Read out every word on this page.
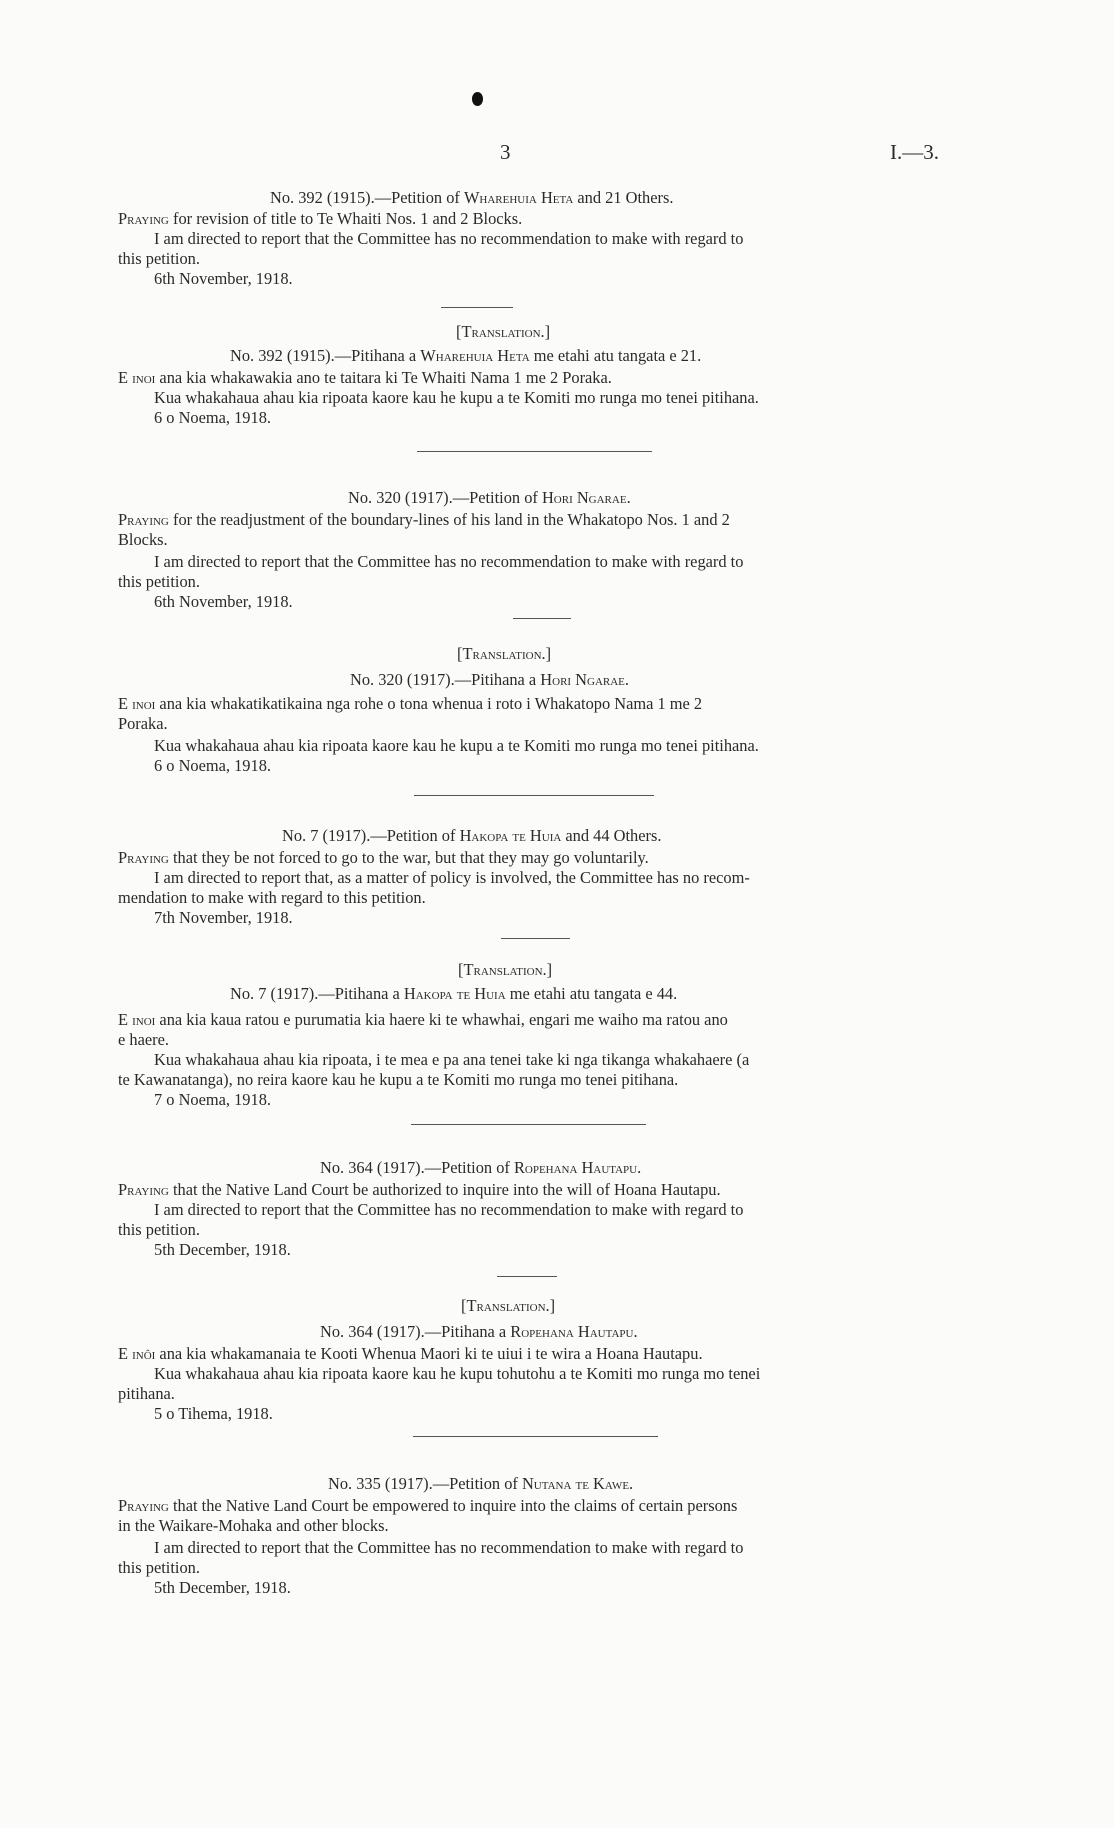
3	I.—3.
No. 392 (1915).—Petition of Wharehuia Heta and 21 Others.
Praying for revision of title to Te Whaiti Nos. 1 and 2 Blocks.
I am directed to report that the Committee has no recommendation to make with regard to
this petition.
6th November, 1918.
[Translation.]
No. 392 (1915).—Pitihana a Wharehuia Heta me etahi atu tangata e 21.
E inoi ana kia whakawakia ano te taitara ki Te Whaiti Nama 1 me 2 Poraka.
Kua whakahaua ahau kia ripoata kaore kau he kupu a te Komiti mo runga mo tenei pitihana.
6 o Noema, 1918.
No. 320 (1917).—Petition of Hori Ngarae.
Praying for the readjustment of the boundary-lines of his land in the Whakatopo Nos. 1 and 2
Blocks.
I am directed to report that the Committee has no recommendation to make with regard to
this petition.
6th November, 1918.
[Translation.]
No. 320 (1917).—Pitihana a Hori Ngarae.
E inoi ana kia whakatikatikaina nga rohe o tona whenua i roto i Whakatopo Nama 1 me 2
Poraka.
Kua whakahaua ahau kia ripoata kaore kau he kupu a te Komiti mo runga mo tenei pitihana.
6 o Noema, 1918.
No. 7 (1917).—Petition of Hakopa te Huia and 44 Others.
Praying that they be not forced to go to the war, but that they may go voluntarily.
I am directed to report that, as a matter of policy is involved, the Committee has no recom-
mendation to make with regard to this petition.
7th November, 1918.
[Translation.]
No. 7 (1917).—Pitihana a Hakopa te Huia me etahi atu tangata e 44.
E inoi ana kia kaua ratou e purumatia kia haere ki te whawhai, engari me waiho ma ratou ano
e haere.
Kua whakahaua ahau kia ripoata, i te mea e pa ana tenei take ki nga tikanga whakahaere (a
te Kawanatanga), no reira kaore kau he kupu a te Komiti mo runga mo tenei pitihana.
7 o Noema, 1918.
No. 364 (1917).—Petition of Ropehana Hautapu.
Praying that the Native Land Court be authorized to inquire into the will of Hoana Hautapu.
I am directed to report that the Committee has no recommendation to make with regard to
this petition.
5th December, 1918.
[Translation.]
No. 364 (1917).—Pitihana a Ropehana Hautapu.
E inôi ana kia whakamanaia te Kooti Whenua Maori ki te uiui i te wira a Hoana Hautapu.
Kua whakahaua ahau kia ripoata kaore kau he kupu tohutohu a te Komiti mo runga mo tenei
pitihana.
5 o Tihema, 1918.
No. 335 (1917).—Petition of Nutana te Kawe.
Praying that the Native Land Court be empowered to inquire into the claims of certain persons
in the Waikare-Mohaka and other blocks.
I am directed to report that the Committee has no recommendation to make with regard to
this petition.
5th December, 1918.
